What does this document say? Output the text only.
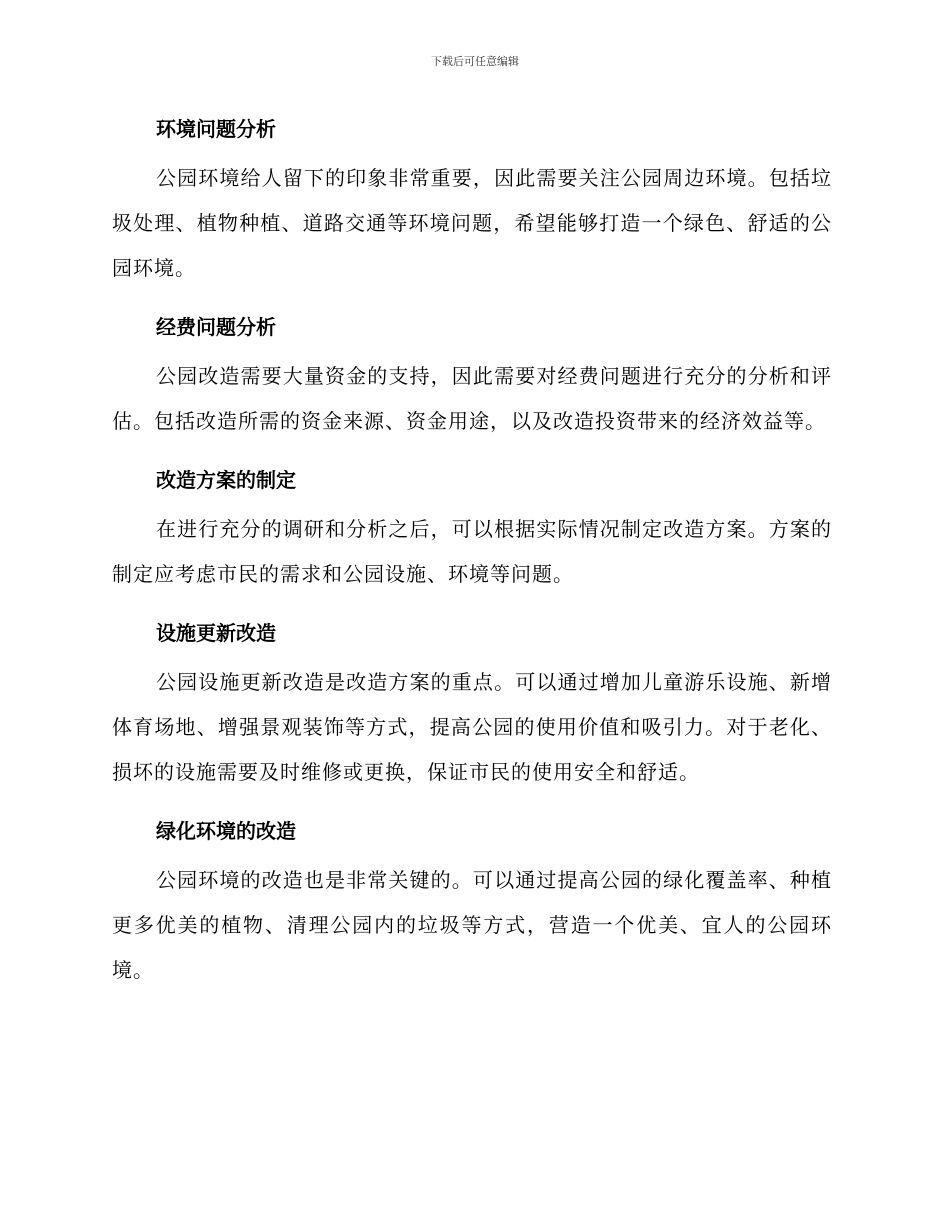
下载后可任意编辑
环境问题分析

公园环境给人留下的印象非常重要，因此需要关注公园周边环境。包括垃圾处理、植物种植、道路交通等环境问题，希望能够打造一个绿色、舒适的公园环境。

经费问题分析

公园改造需要大量资金的支持，因此需要对经费问题进行充分的分析和评估。包括改造所需的资金来源、资金用途，以及改造投资带来的经济效益等。

改造方案的制定

在进行充分的调研和分析之后，可以根据实际情况制定改造方案。方案的制定应考虑市民的需求和公园设施、环境等问题。

设施更新改造

公园设施更新改造是改造方案的重点。可以通过增加儿童游乐设施、新增体育场地、增强景观装饰等方式，提高公园的使用价值和吸引力。对于老化、损坏的设施需要及时维修或更换，保证市民的使用安全和舒适。

绿化环境的改造

公园环境的改造也是非常关键的。可以通过提高公园的绿化覆盖率、种植更多优美的植物、清理公园内的垃圾等方式，营造一个优美、宜人的公园环境。
